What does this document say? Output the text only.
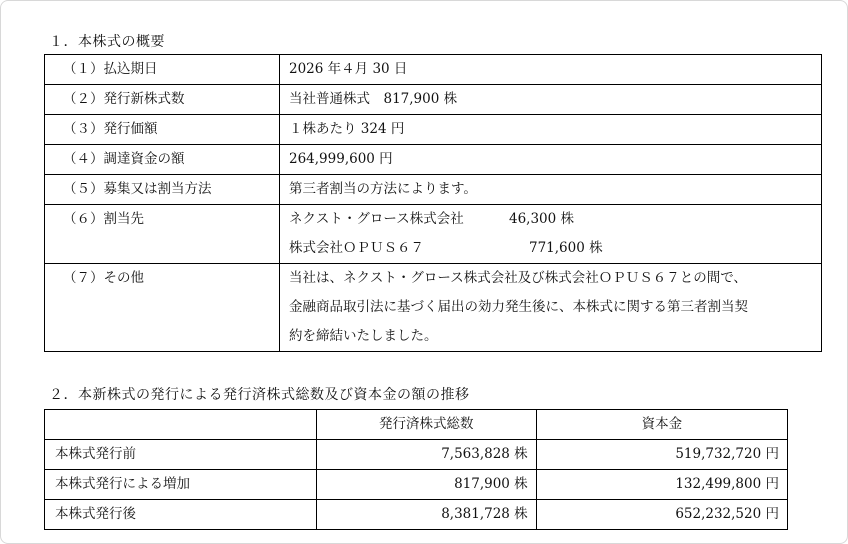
１．本株式の概要
（１）払込期日	2026 年４月 30 日
（２）発行新株式数	当社普通株式　817,900 株
（３）発行価額	１株あたり 324 円
（４）調達資金の額	264,999,600 円
（５）募集又は割当方法	第三者割当の方法によります。

（６）割当先	ネクスト・グロース株式会社 46,300 株
株式会社ＯＰＵＳ６７ 771,600 株

（７）その他	当社は、ネクスト・グロース株式会社及び株式会社ＯＰＵＳ６７との間で、
金融商品取引法に基づく届出の効力発生後に、本株式に関する第三者割当契
約を締結いたしました。
２．本新株式の発行による発行済株式総数及び資本金の額の推移
	発行済株式総数	資本金
本株式発行前	7,563,828 株	519,732,720 円
本株式発行による増加	817,900 株	132,499,800 円
本株式発行後	8,381,728 株	652,232,520 円
